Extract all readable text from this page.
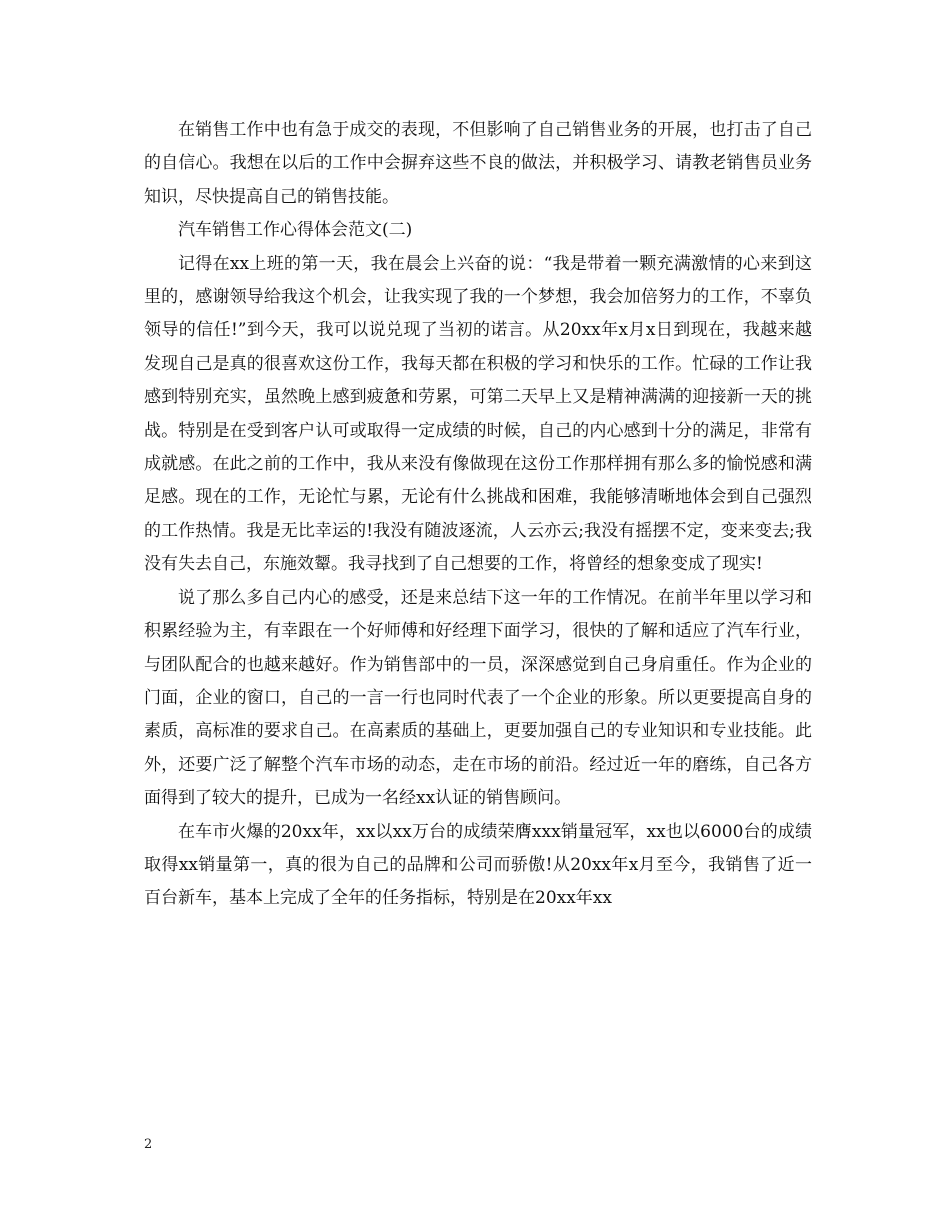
在销售工作中也有急于成交的表现，不但影响了自己销售业务的开展，也打击了自己的自信心。我想在以后的工作中会摒弃这些不良的做法，并积极学习、请教老销售员业务知识，尽快提高自己的销售技能。

汽车销售工作心得体会范文(二)

记得在xx上班的第一天，我在晨会上兴奋的说：“我是带着一颗充满激情的心来到这里的，感谢领导给我这个机会，让我实现了我的一个梦想，我会加倍努力的工作，不辜负领导的信任!”到今天，我可以说兑现了当初的诺言。从20xx年x月x日到现在，我越来越发现自己是真的很喜欢这份工作，我每天都在积极的学习和快乐的工作。忙碌的工作让我感到特别充实，虽然晚上感到疲惫和劳累，可第二天早上又是精神满满的迎接新一天的挑战。特别是在受到客户认可或取得一定成绩的时候，自己的内心感到十分的满足，非常有成就感。在此之前的工作中，我从来没有像做现在这份工作那样拥有那么多的愉悦感和满足感。现在的工作，无论忙与累，无论有什么挑战和困难，我能够清晰地体会到自己强烈的工作热情。我是无比幸运的!我没有随波逐流，人云亦云;我没有摇摆不定，变来变去;我没有失去自己，东施效颦。我寻找到了自己想要的工作，将曾经的想象变成了现实!

说了那么多自己内心的感受，还是来总结下这一年的工作情况。在前半年里以学习和积累经验为主，有幸跟在一个好师傅和好经理下面学习，很快的了解和适应了汽车行业，与团队配合的也越来越好。作为销售部中的一员，深深感觉到自己身肩重任。作为企业的门面，企业的窗口，自己的一言一行也同时代表了一个企业的形象。所以更要提高自身的素质，高标准的要求自己。在高素质的基础上，更要加强自己的专业知识和专业技能。此外，还要广泛了解整个汽车市场的动态，走在市场的前沿。经过近一年的磨练，自己各方面得到了较大的提升，已成为一名经xx认证的销售顾问。

在车市火爆的20xx年，xx以xx万台的成绩荣膺xxx销量冠军，xx也以6000台的成绩取得xx销量第一，真的很为自己的品牌和公司而骄傲!从20xx年x月至今，我销售了近一百台新车，基本上完成了全年的任务指标，特别是在20xx年xx

2
